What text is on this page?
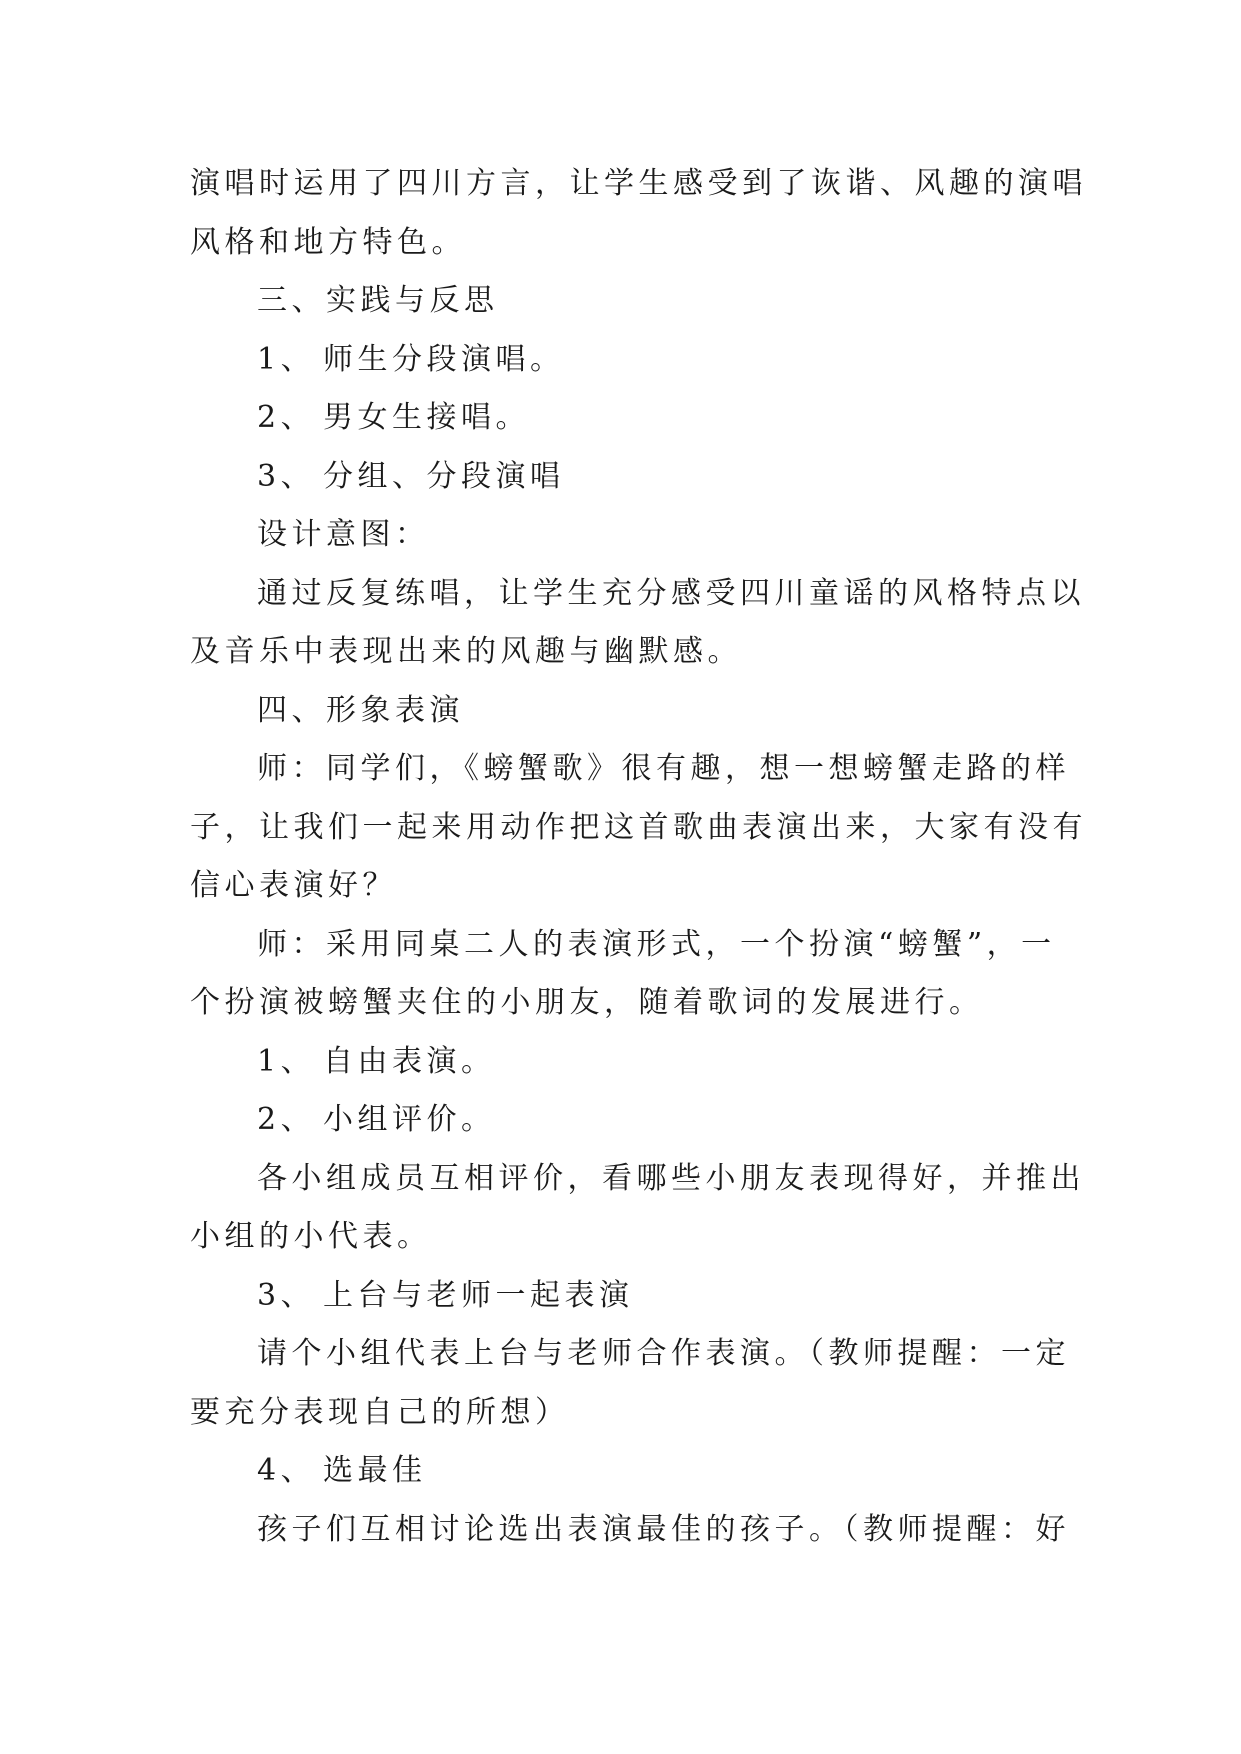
演唱时运用了四川方言，让学生感受到了诙谐、风趣的演唱

风格和地方特色。

三、实践与反思

1、 师生分段演唱。

2、 男女生接唱。

3、 分组、分段演唱

设计意图：

通过反复练唱，让学生充分感受四川童谣的风格特点以

及音乐中表现出来的风趣与幽默感。

四、形象表演

师：同学们，《螃蟹歌》很有趣，想一想螃蟹走路的样

子，让我们一起来用动作把这首歌曲表演出来，大家有没有

信心表演好？

师：采用同桌二人的表演形式，一个扮演“螃蟹”，一

个扮演被螃蟹夹住的小朋友，随着歌词的发展进行。

1、 自由表演。

2、 小组评价。

各小组成员互相评价，看哪些小朋友表现得好，并推出

小组的小代表。

3、 上台与老师一起表演

请个小组代表上台与老师合作表演。（教师提醒：一定

要充分表现自己的所想）

4、 选最佳

孩子们互相讨论选出表演最佳的孩子。（教师提醒：好
